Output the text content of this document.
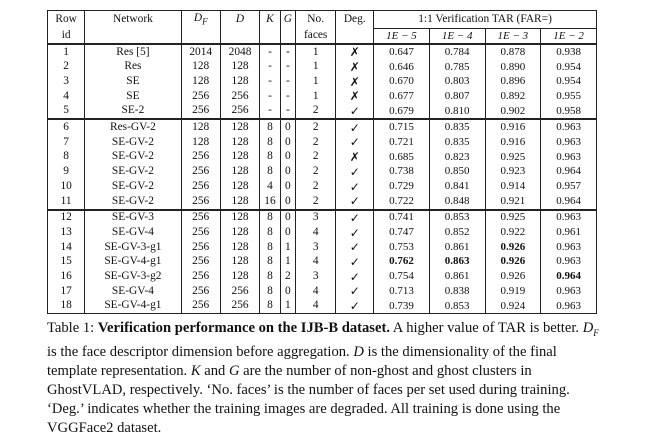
Row	Network	$D_F$	D	K	G	No.	Deg.	1:1 Verification TAR (FAR=)			
id						faces		1E − 5	1E − 4	1E − 3	1E − 2
1	Res [5]	2014	2048	-	-	1	✗	0.647	0.784	0.878	0.938
2	Res	128	128	-	-	1	✗	0.646	0.785	0.890	0.954
3	SE	128	128	-	-	1	✗	0.670	0.803	0.896	0.954
4	SE	256	256	-	-	1	✗	0.677	0.807	0.892	0.955
5	SE-2	256	256	-	-	2	✓	0.679	0.810	0.902	0.958
6	Res-GV-2	128	128	8	0	2	✓	0.715	0.835	0.916	0.963
7	SE-GV-2	128	128	8	0	2	✓	0.721	0.835	0.916	0.963
8	SE-GV-2	256	128	8	0	2	✗	0.685	0.823	0.925	0.963
9	SE-GV-2	256	128	8	0	2	✓	0.738	0.850	0.923	0.964
10	SE-GV-2	256	128	4	0	2	✓	0.729	0.841	0.914	0.957
11	SE-GV-2	256	128	16	0	2	✓	0.722	0.848	0.921	0.964
12	SE-GV-3	256	128	8	0	3	✓	0.741	0.853	0.925	0.963
13	SE-GV-4	256	128	8	0	4	✓	0.747	0.852	0.922	0.961
14	SE-GV-3-g1	256	128	8	1	3	✓	0.753	0.861	0.926	0.963
15	SE-GV-4-g1	256	128	8	1	4	✓	0.762	0.863	0.926	0.963
16	SE-GV-3-g2	256	128	8	2	3	✓	0.754	0.861	0.926	0.964
17	SE-GV-4	256	256	8	0	4	✓	0.713	0.838	0.919	0.963
18	SE-GV-4-g1	256	256	8	1	4	✓	0.739	0.853	0.924	0.963

Table 1: Verification performance on the IJB-B dataset. A higher value of TAR is better. $D_F$ is the face descriptor dimension before aggregation. D is the dimensionality of the final template representation. K and G are the number of non-ghost and ghost clusters in GhostVLAD, respectively. ‘No. faces’ is the number of faces per set used during training. ‘Deg.’ indicates whether the training images are degraded. All training is done using the VGGFace2 dataset.
